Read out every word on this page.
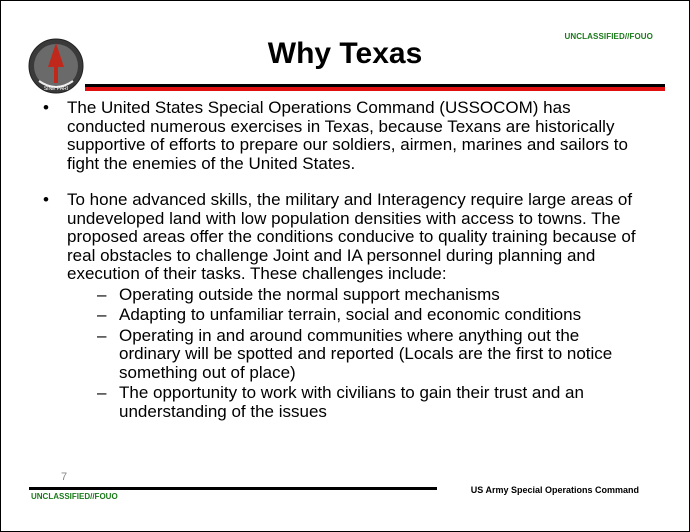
UNCLASSIFIED//FOUO
SINE PARI
Why Texas
•	The United States Special Operations Command (USSOCOM) has conducted numerous exercises in Texas, because Texans are historically supportive of efforts to prepare our soldiers, airmen, marines and sailors to fight the enemies of the United States.
•	To hone advanced skills, the military and Interagency require large areas of undeveloped land with low population densities with access to towns. The proposed areas offer the conditions conducive to quality training because of real obstacles to challenge Joint and IA personnel during planning and execution of their tasks. These challenges include:
– Operating outside the normal support mechanisms
– Adapting to unfamiliar terrain, social and economic conditions
– Operating in and around communities where anything out the ordinary will be spotted and reported (Locals are the first to notice something out of place)
– The opportunity to work with civilians to gain their trust and an understanding of the issues
7
UNCLASSIFIED//FOUO
US Army Special Operations Command
